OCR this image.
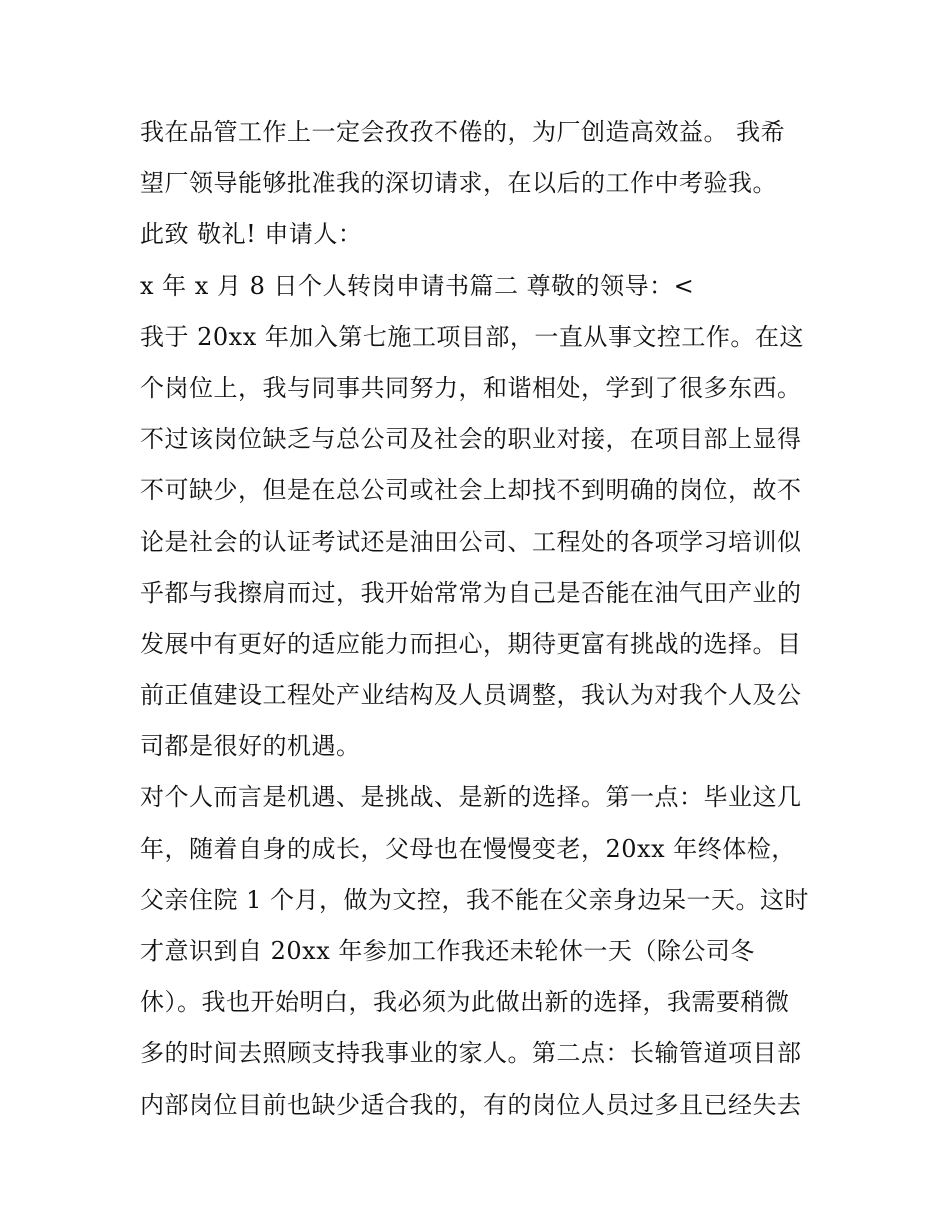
我在品管工作上一定会孜孜不倦的，为厂创造高效益。 我希
望厂领导能够批准我的深切请求，在以后的工作中考验我。
此致 敬礼! 申请人：
x 年 x 月 8 日个人转岗申请书篇二 尊敬的领导：<
我于 20xx 年加入第七施工项目部，一直从事文控工作。在这
个岗位上，我与同事共同努力，和谐相处，学到了很多东西。
不过该岗位缺乏与总公司及社会的职业对接，在项目部上显得
不可缺少，但是在总公司或社会上却找不到明确的岗位，故不
论是社会的认证考试还是油田公司、工程处的各项学习培训似
乎都与我擦肩而过，我开始常常为自己是否能在油气田产业的
发展中有更好的适应能力而担心，期待更富有挑战的选择。目
前正值建设工程处产业结构及人员调整，我认为对我个人及公
司都是很好的机遇。
对个人而言是机遇、是挑战、是新的选择。第一点：毕业这几
年，随着自身的成长，父母也在慢慢变老，20xx 年终体检，
父亲住院 1 个月，做为文控，我不能在父亲身边呆一天。这时
才意识到自 20xx 年参加工作我还未轮休一天（除公司冬
休）。我也开始明白，我必须为此做出新的选择，我需要稍微
多的时间去照顾支持我事业的家人。第二点：长输管道项目部
内部岗位目前也缺少适合我的，有的岗位人员过多且已经失去
